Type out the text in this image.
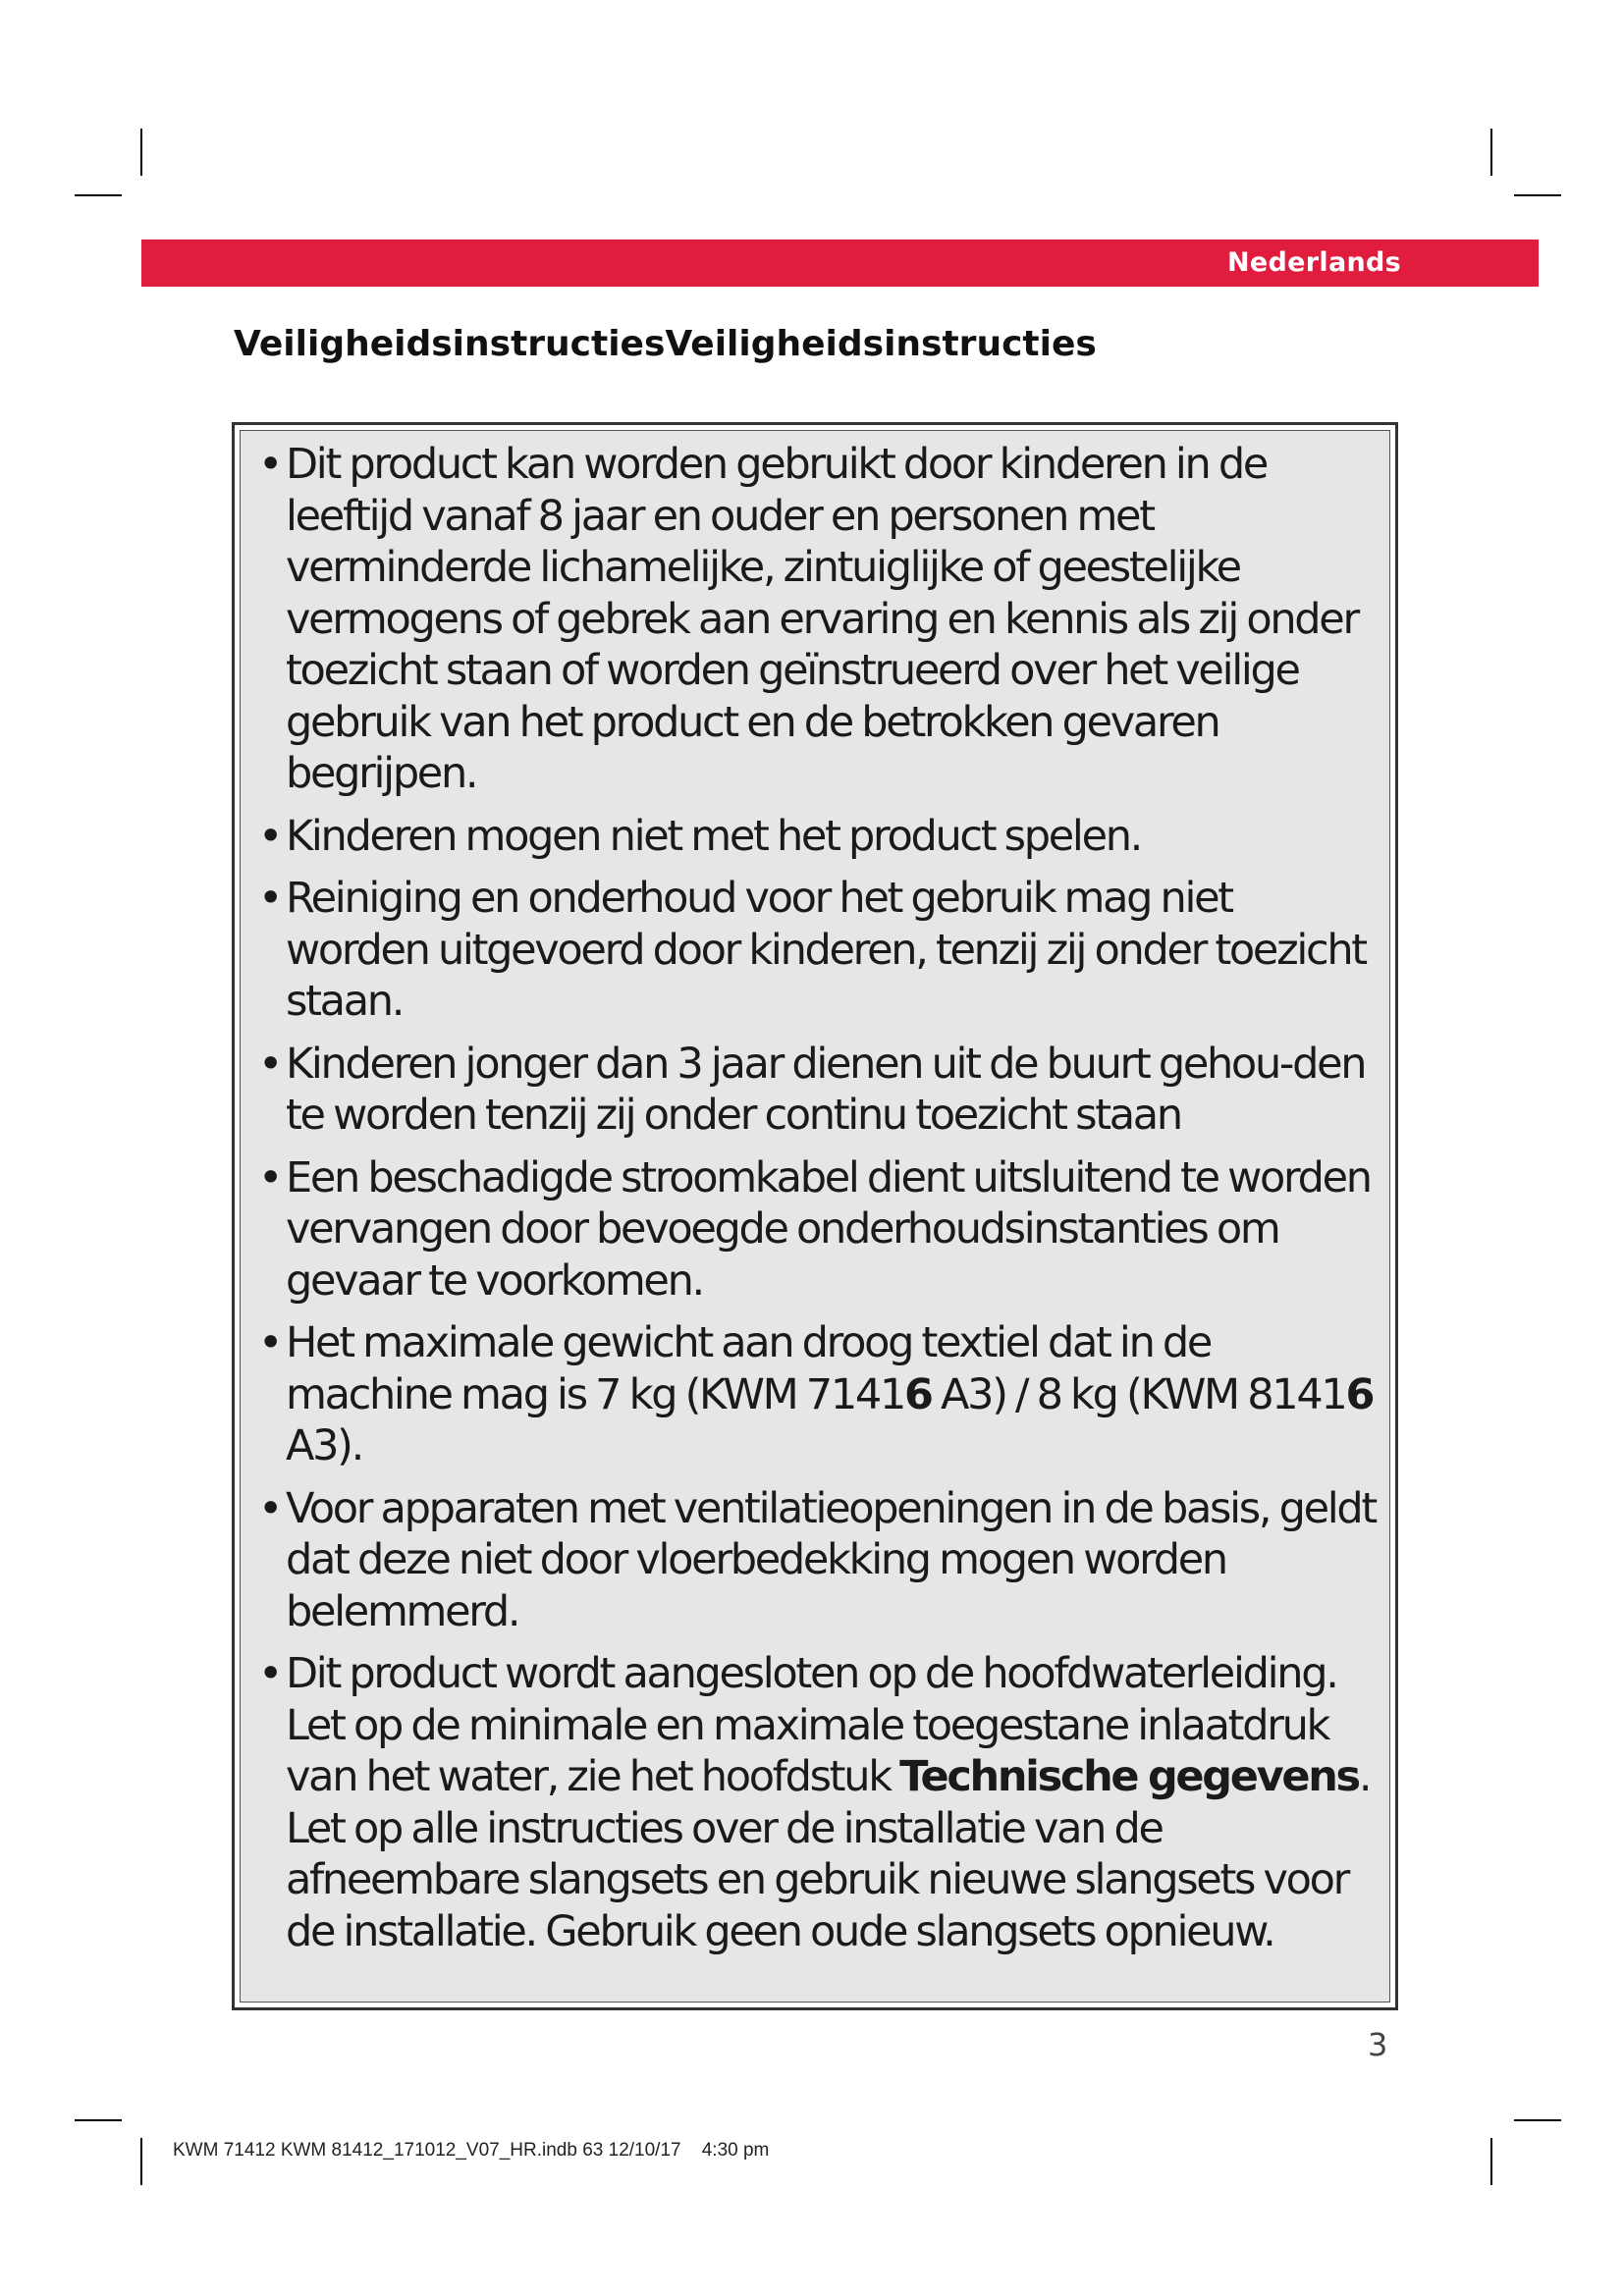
Nederlands
VeiligheidsinstructiesVeiligheidsinstructies
• Dit product kan worden gebruikt door kinderen in de leeftijd vanaf 8 jaar en ouder en personen met verminderde lichamelijke, zintuiglijke of geestelijke vermogens of gebrek aan ervaring en kennis als zij onder toezicht staan of worden geïnstrueerd over het veilige gebruik van het product en de betrokken gevaren begrijpen.
• Kinderen mogen niet met het product spelen.
• Reiniging en onderhoud voor het gebruik mag niet worden uitgevoerd door kinderen, tenzij zij onder toezicht staan.
• Kinderen jonger dan 3 jaar dienen uit de buurt gehou-den te worden tenzij zij onder continu toezicht staan
• Een beschadigde stroomkabel dient uitsluitend te worden vervangen door bevoegde onderhoudsinstanties om gevaar te voorkomen.
• Het maximale gewicht aan droog textiel dat in de machine mag is 7 kg (KWM 71416 A3) / 8 kg (KWM 81416 A3).
• Voor apparaten met ventilatieopeningen in de basis, geldt dat deze niet door vloerbedekking mogen worden belemmerd.
• Dit product wordt aangesloten op de hoofdwaterleiding. Let op de minimale en maximale toegestane inlaatdruk van het water, zie het hoofdstuk Technische gegevens. Let op alle instructies over de installatie van de afneembare slangsets en gebruik nieuwe slangsets voor de installatie. Gebruik geen oude slangsets opnieuw.
3
KWM 71412 KWM 81412_171012_V07_HR.indb 63 12/10/17 4:30 pm
